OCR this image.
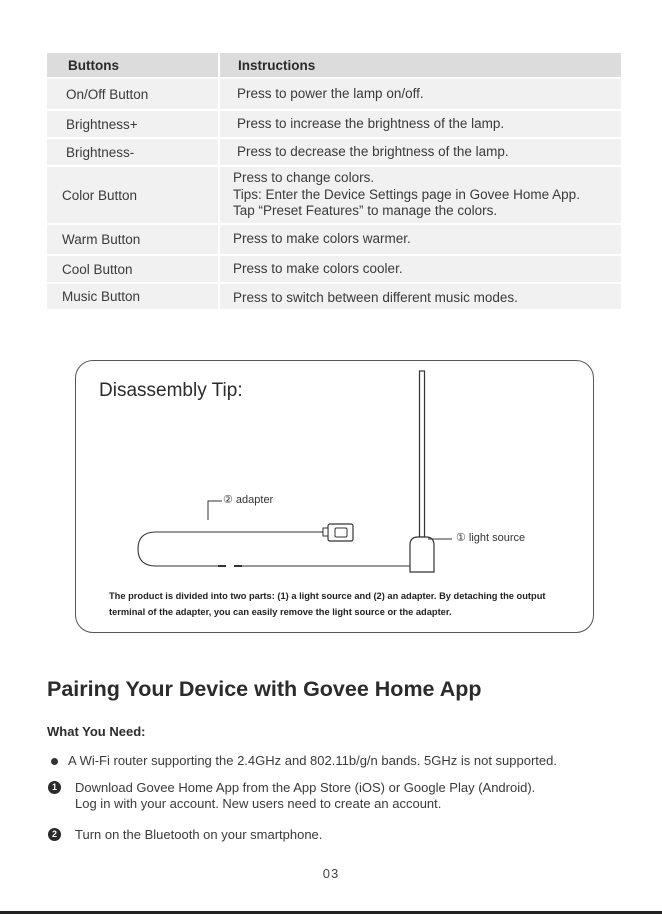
Buttons	Instructions

On/Off Button	Press to power the lamp on/off.

Brightness+	Press to increase the brightness of the lamp.

Brightness-	Press to decrease the brightness of the lamp.

Color Button	Press to change colors.
Tips: Enter the Device Settings page in Govee Home App.
Tap “Preset Features” to manage the colors.

Warm Button	Press to make colors warmer.

Cool Button	Press to make colors cooler.

Music Button	Press to switch between different music modes.
Disassembly Tip:
② adapter
① light source
The product is divided into two parts: (1) a light source and (2) an adapter. By detaching the output terminal of the adapter, you can easily remove the light source or the adapter.
Pairing Your Device with Govee Home App
What You Need:
A Wi-Fi router supporting the 2.4GHz and 802.11b/g/n bands. 5GHz is not supported.
1	Download Govee Home App from the App Store (iOS) or Google Play (Android).
Log in with your account. New users need to create an account.
2	Turn on the Bluetooth on your smartphone.
03
